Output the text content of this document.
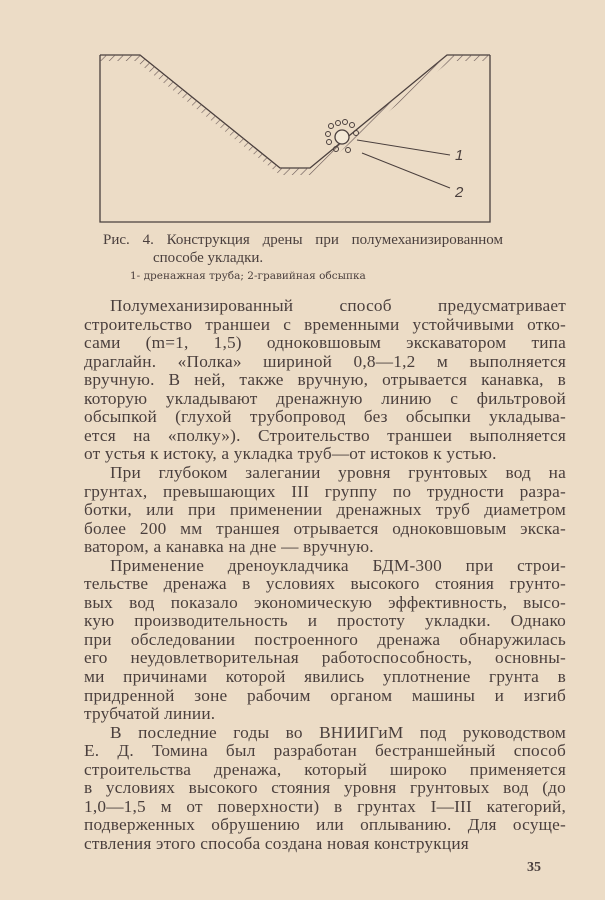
1
2
Рис. 4. Конструкция дрены при полумеханизированном
способе укладки.
1- дренажная труба; 2-гравийная обсыпка
Полумеханизированный способ предусматривает
строительство траншеи с временными устойчивыми отко-
сами (m=1, 1,5) одноковшовым экскаватором типа
драглайн. «Полка» шириной 0,8—1,2 м выполняется
вручную. В ней, также вручную, отрывается канавка, в
которую укладывают дренажную линию с фильтровой
обсыпкой (глухой трубопровод без обсыпки укладыва-
ется на «полку»). Строительство траншеи выполняется
от устья к истоку, а укладка труб—от истоков к устью.
При глубоком залегании уровня грунтовых вод на
грунтах, превышающих III группу по трудности разра-
ботки, или при применении дренажных труб диаметром
более 200 мм траншея отрывается одноковшовым экска-
ватором, а канавка на дне — вручную.
Применение дреноукладчика БДМ-300 при строи-
тельстве дренажа в условиях высокого стояния грунто-
вых вод показало экономическую эффективность, высо-
кую производительность и простоту укладки. Однако
при обследовании построенного дренажа обнаружилась
его неудовлетворительная работоспособность, основны-
ми причинами которой явились уплотнение грунта в
придренной зоне рабочим органом машины и изгиб
трубчатой линии.
В последние годы во ВНИИГиМ под руководством
Е. Д. Томина был разработан бестраншейный способ
строительства дренажа, который широко применяется
в условиях высокого стояния уровня грунтовых вод (до
1,0—1,5 м от поверхности) в грунтах I—III категорий,
подверженных обрушению или оплыванию. Для осуще-
ствления этого способа создана новая конструкция
35
